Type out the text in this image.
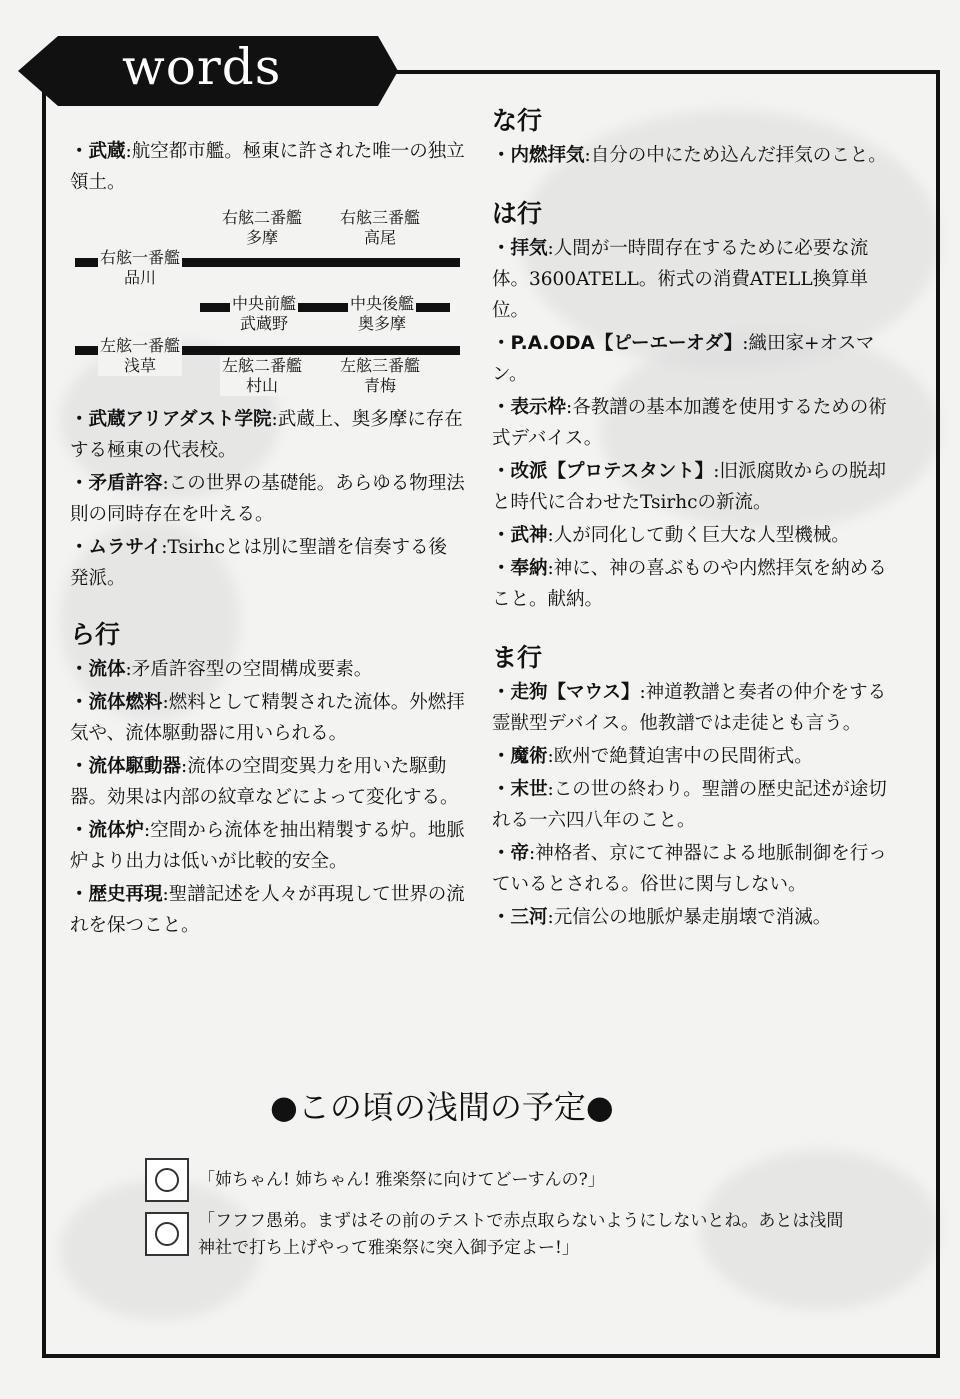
words
・武蔵:航空都市艦。極東に許された唯一の独立領土。
右舷一番艦
品川
右舷二番艦
多摩
右舷三番艦
高尾
中央前艦
武蔵野
中央後艦
奥多摩
左舷一番艦
浅草	左舷二番艦
村山
左舷三番艦
青梅
・武蔵アリアダスト学院:武蔵上、奥多摩に存在する極東の代表校。
・矛盾許容:この世界の基礎能。あらゆる物理法則の同時存在を叶える。
・ムラサイ:Tsirhcとは別に聖譜を信奏する後発派。
ら行
・流体:矛盾許容型の空間構成要素。
・流体燃料:燃料として精製された流体。外燃拝気や、流体駆動器に用いられる。
・流体駆動器:流体の空間変異力を用いた駆動器。効果は内部の紋章などによって変化する。
・流体炉:空間から流体を抽出精製する炉。地脈炉より出力は低いが比較的安全。
・歴史再現:聖譜記述を人々が再現して世界の流れを保つこと。
な行
・内燃拝気:自分の中にため込んだ拝気のこと。
は行
・拝気:人間が一時間存在するために必要な流体。3600ATELL。術式の消費ATELL換算単位。
・P.A.ODA【ピーエーオダ】:織田家+オスマン。
・表示枠:各教譜の基本加護を使用するための術式デバイス。
・改派【プロテスタント】:旧派腐敗からの脱却と時代に合わせたTsirhcの新流。
・武神:人が同化して動く巨大な人型機械。
・奉納:神に、神の喜ぶものや内燃拝気を納めること。献納。
ま行
・走狗【マウス】:神道教譜と奏者の仲介をする霊獣型デバイス。他教譜では走徒とも言う。
・魔術:欧州で絶賛迫害中の民間術式。
・末世:この世の終わり。聖譜の歴史記述が途切れる一六四八年のこと。
・帝:神格者、京にて神器による地脈制御を行っているとされる。俗世に関与しない。
・三河:元信公の地脈炉暴走崩壊で消滅。
●この頃の浅間の予定●
「姉ちゃん! 姉ちゃん! 雅楽祭に向けてどーすんの?」
「フフフ愚弟。まずはその前のテストで赤点取らないようにしないとね。あとは浅間神社で打ち上げやって雅楽祭に突入御予定よー!」
